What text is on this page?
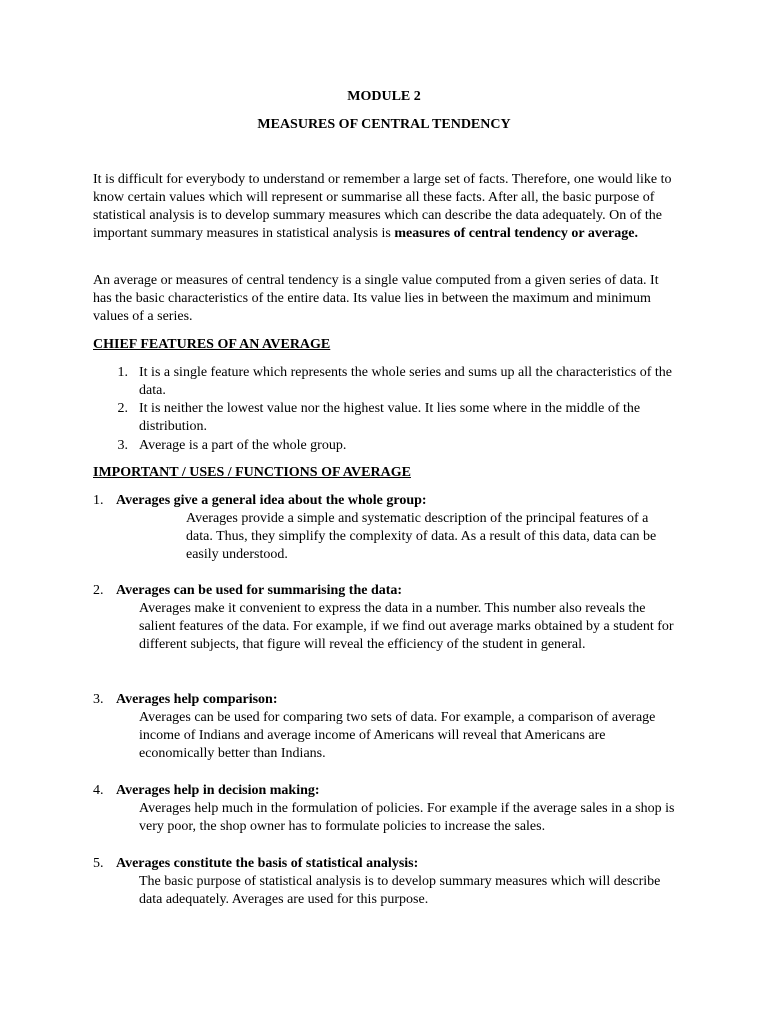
MODULE 2
MEASURES OF CENTRAL TENDENCY

It is difficult for everybody to understand or remember a large set of facts. Therefore, one would like to know certain values which will represent or summarise all these facts. After all, the basic purpose of statistical analysis is to develop summary measures which can describe the data adequately. On of the important summary measures in statistical analysis is measures of central tendency or average.

An average or measures of central tendency is a single value computed from a given series of data. It has the basic characteristics of the entire data. Its value lies in between the maximum and minimum values of a series.

CHIEF FEATURES OF AN AVERAGE
1. It is a single feature which represents the whole series and sums up all the characteristics of the data.
2. It is neither the lowest value nor the highest value. It lies some where in the middle of the distribution.
3. Average is a part of the whole group.
IMPORTANT / USES / FUNCTIONS OF AVERAGE
1. Averages give a general idea about the whole group:
Averages provide a simple and systematic description of the principal features of a data. Thus, they simplify the complexity of data. As a result of this data, data can be easily understood.
2. Averages can be used for summarising the data:
Averages make it convenient to express the data in a number. This number also reveals the salient features of the data. For example, if we find out average marks obtained by a student for different subjects, that figure will reveal the efficiency of the student in general.
3. Averages help comparison:
Averages can be used for comparing two sets of data. For example, a comparison of average income of Indians and average income of Americans will reveal that Americans are economically better than Indians.
4. Averages help in decision making:
Averages help much in the formulation of policies. For example if the average sales in a shop is very poor, the shop owner has to formulate policies to increase the sales.
5. Averages constitute the basis of statistical analysis:
The basic purpose of statistical analysis is to develop summary measures which will describe data adequately. Averages are used for this purpose.
